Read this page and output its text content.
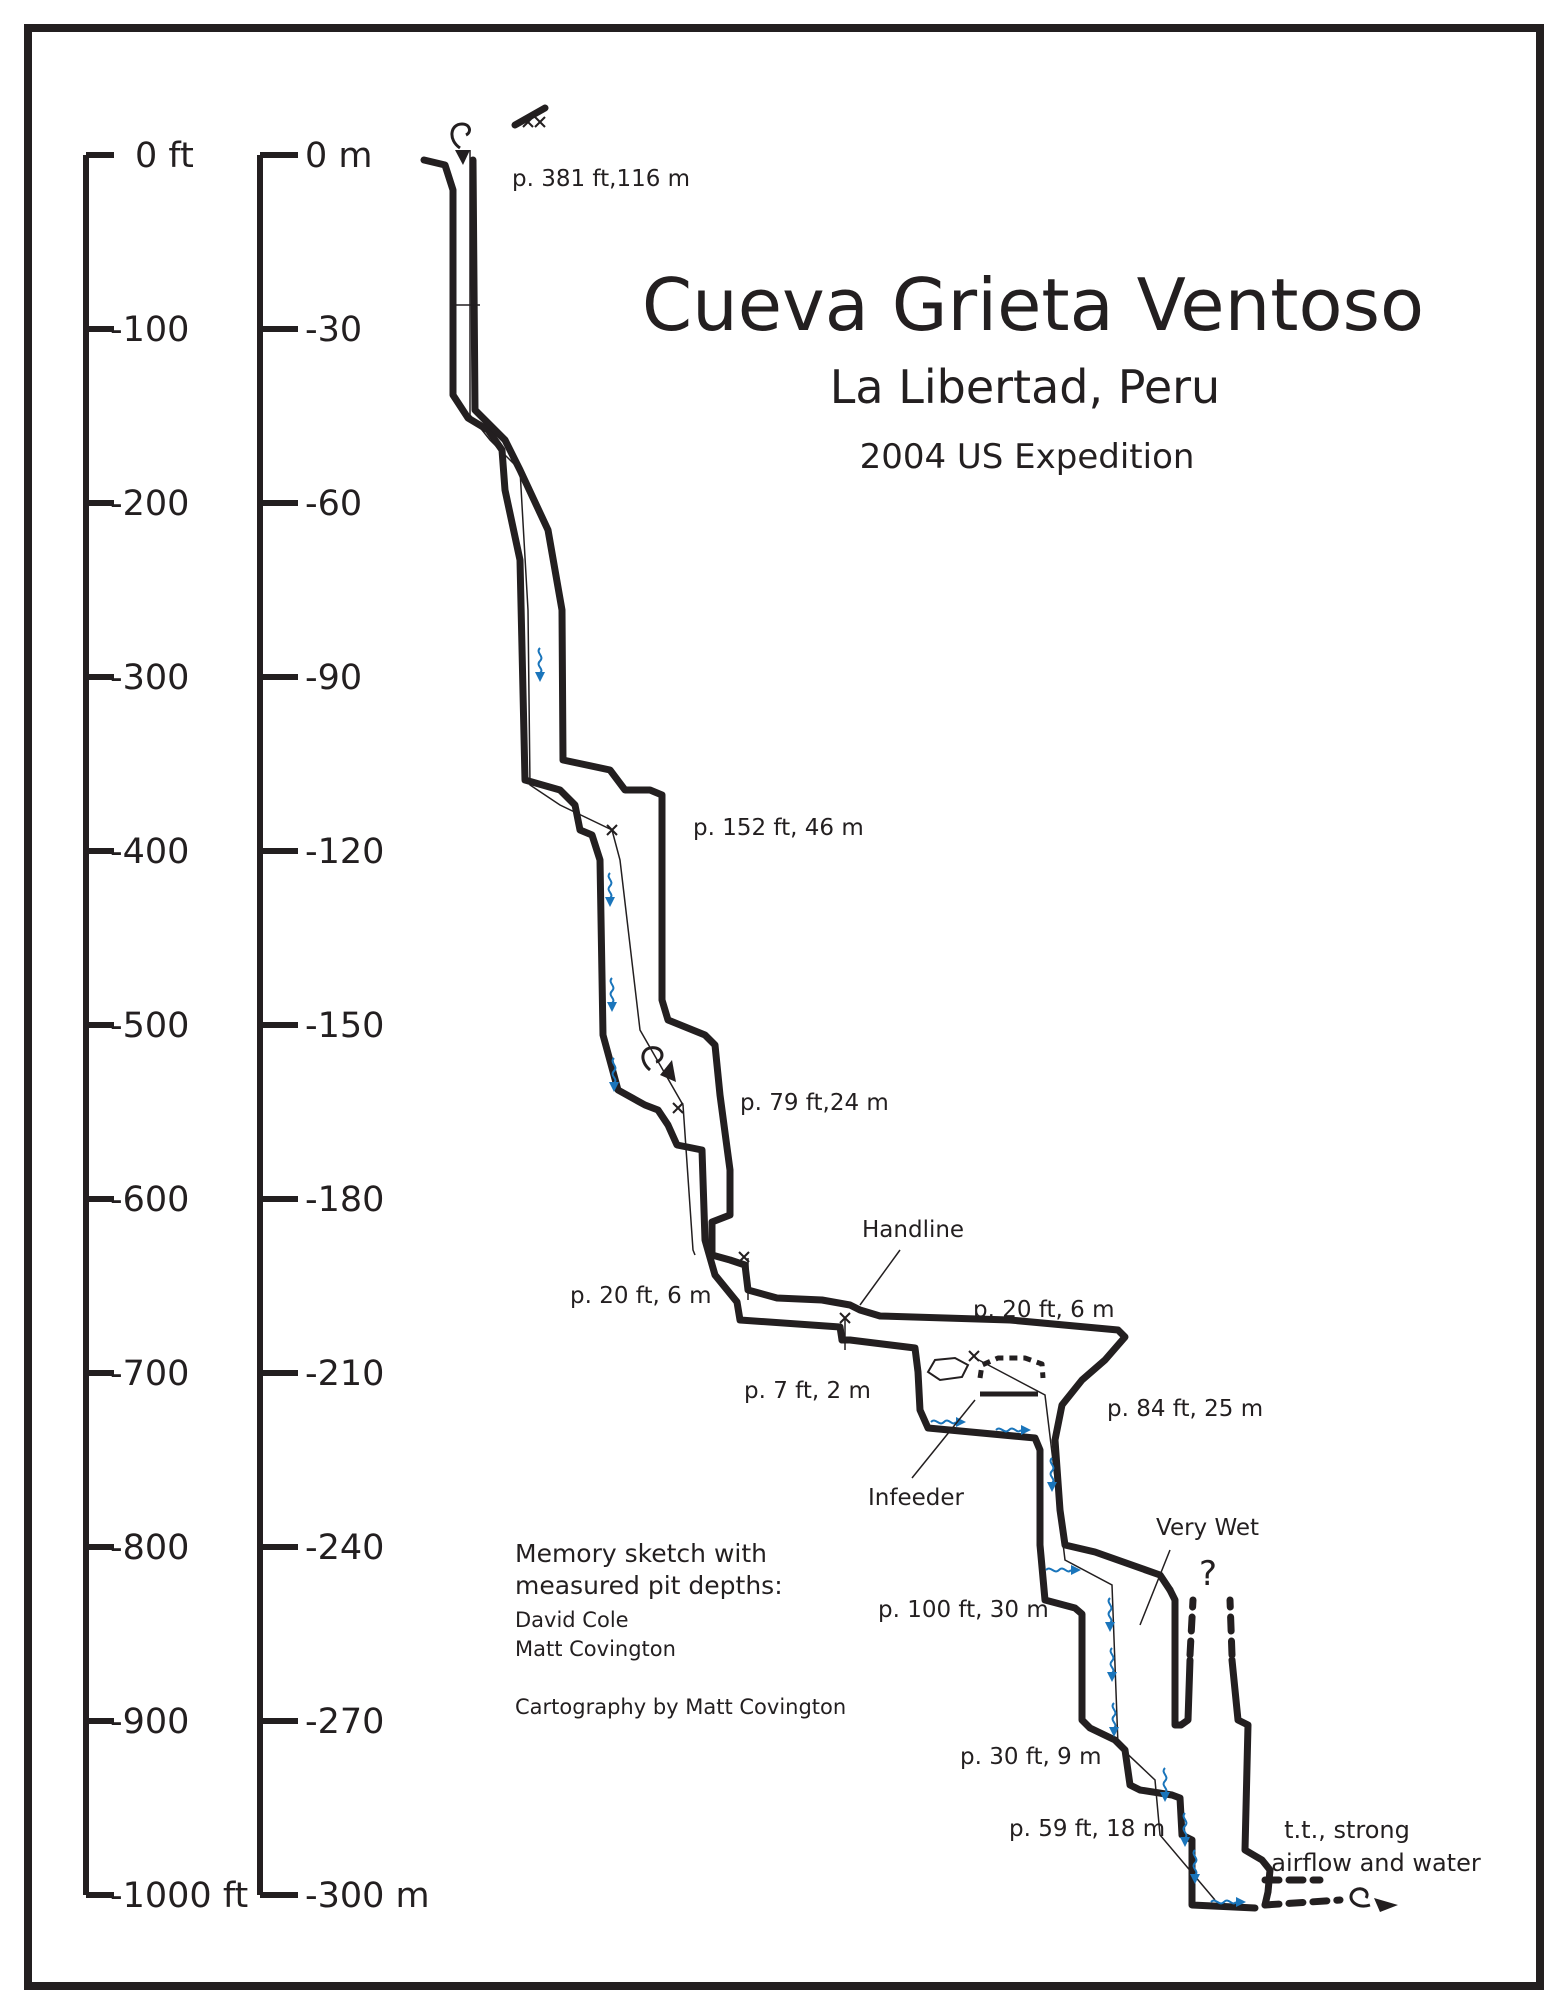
0 ft
-100
-200
-300
-400
-500
-600
-700
-800
-900
-1000 ft
0 m
-30
-60
-90
-120
-150
-180
-210
-240
-270
-300 m
Cueva Grieta Ventoso
La Libertad, Peru
2004 US Expedition
p. 381 ft,116 m
p. 152 ft, 46 m
p. 79 ft,24 m
p. 20 ft, 6 m
p. 20 ft, 6 m
p. 7 ft, 2 m
p. 84 ft, 25 m
p. 100 ft, 30 m
p. 30 ft, 9 m
p. 59 ft, 18 m
Handline
Infeeder
Very Wet
?
t.t., strong
airflow and water
Memory sketch with
measured pit depths:
David Cole
Matt Covington
Cartography by Matt Covington
